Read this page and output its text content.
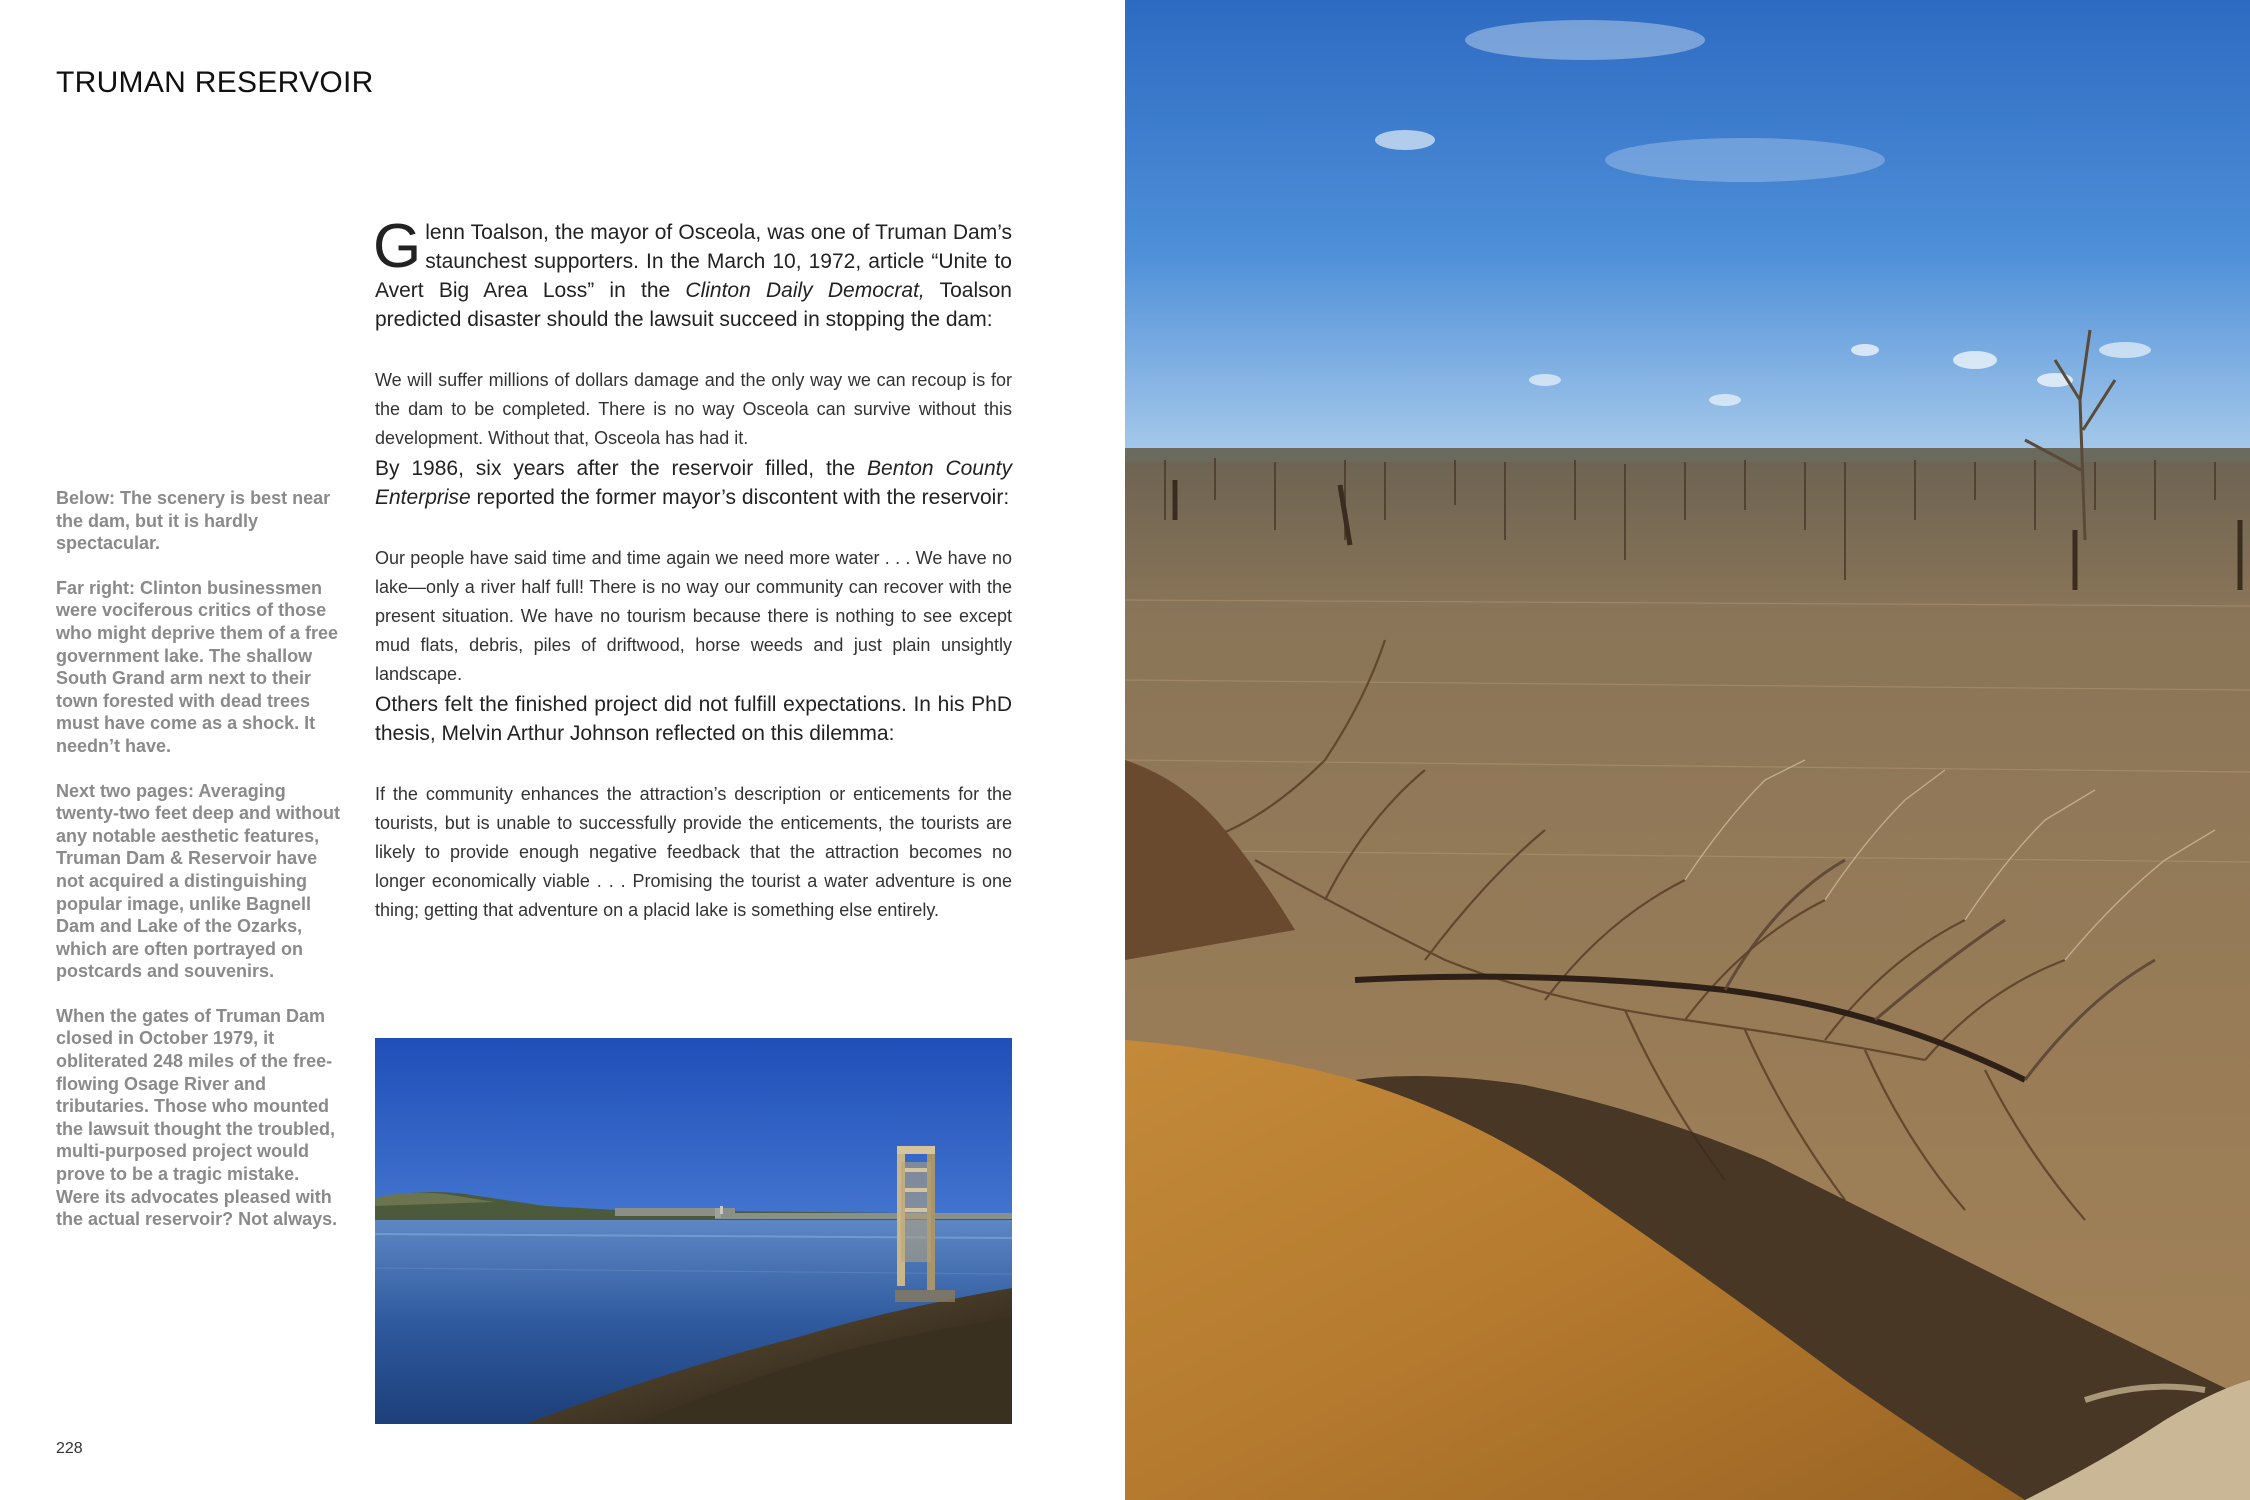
TRUMAN RESERVOIR

Below: The scenery is best near the dam, but it is hardly spectacular.

Far right: Clinton businessmen were vociferous critics of those who might deprive them of a free government lake. The shallow South Grand arm next to their town forested with dead trees must have come as a shock. It needn’t have.

Next two pages: Averaging twenty-two feet deep and without any notable aesthetic features, Truman Dam & Reservoir have not acquired a distinguishing popular image, unlike Bagnell Dam and Lake of the Ozarks, which are often portrayed on postcards and souvenirs.

When the gates of Truman Dam closed in October 1979, it obliterated 248 miles of the free-flowing Osage River and tributaries. Those who mounted the lawsuit thought the troubled, multi-purposed project would prove to be a tragic mistake. Were its advocates pleased with the actual reservoir? Not always.

Glenn Toalson, the mayor of Osceola, was one of Truman Dam’s staunchest supporters. In the March 10, 1972, article “Unite to Avert Big Area Loss” in the Clinton Daily Democrat, Toalson predicted disaster should the lawsuit succeed in stopping the dam:

We will suffer millions of dollars damage and the only way we can recoup is for the dam to be completed. There is no way Osceola can survive without this development. Without that, Osceola has had it.

By 1986, six years after the reservoir filled, the Benton County Enterprise reported the former mayor’s discontent with the reservoir:

Our people have said time and time again we need more water . . . We have no lake—only a river half full! There is no way our community can recover with the present situation. We have no tourism because there is nothing to see except mud flats, debris, piles of driftwood, horse weeds and just plain unsightly landscape.

Others felt the finished project did not fulfill expectations. In his PhD thesis, Melvin Arthur Johnson reflected on this dilemma:

If the community enhances the attraction’s description or enticements for the tourists, but is unable to successfully provide the enticements, the tourists are likely to provide enough negative feedback that the attraction becomes no longer economically viable . . . Promising the tourist a water adventure is one thing; getting that adventure on a placid lake is something else entirely.

228
